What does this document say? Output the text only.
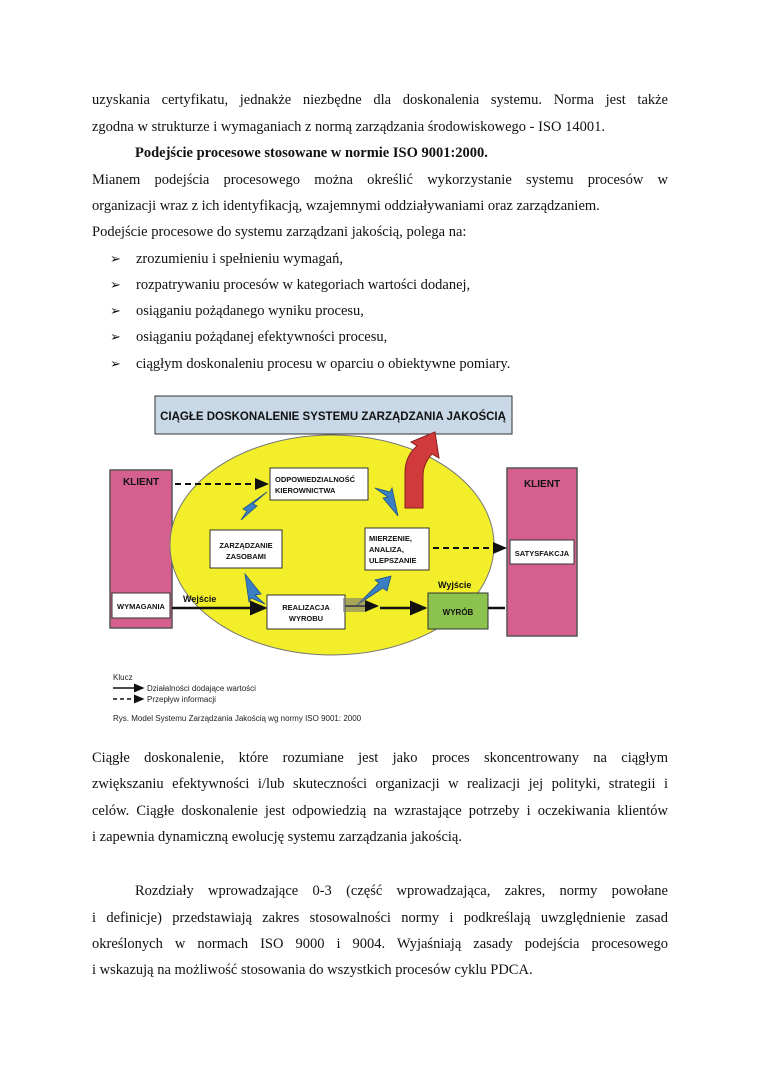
uzyskania certyfikatu, jednakże niezbędne dla doskonalenia systemu. Norma jest także
zgodna w strukturze i wymaganiach z normą zarządzania środowiskowego - ISO 14001.
Podejście procesowe stosowane w normie ISO 9001:2000.
Mianem podejścia procesowego można określić wykorzystanie systemu procesów w
organizacji wraz z ich identyfikacją, wzajemnymi oddziaływaniami oraz zarządzaniem.
Podejście procesowe do systemu zarządzani jakością, polega na:
➢ zrozumieniu i spełnieniu wymagań,
➢ rozpatrywaniu procesów w kategoriach wartości dodanej,
➢ osiąganiu pożądanego wyniku procesu,
➢ osiąganiu pożądanej efektywności procesu,
➢ ciągłym doskonaleniu procesu w oparciu o obiektywne pomiary.
CIĄGŁE DOSKONALENIE SYSTEMU ZARZĄDZANIA JAKOŚCIĄ
KLIENT
WYMAGANIA
KLIENT
SATYSFAKCJA
ODPOWIEDZIALNOŚĆ
KIEROWNICTWA
ZARZĄDZANIE
ZASOBAMI
MIERZENIE,
ANALIZA,
ULEPSZANIE
REALIZACJA
WYROBU
WYRÓB
Wejście
Wyjście
Klucz
Działalności dodające wartości
Przepływ informacji
Rys. Model Systemu Zarządzania Jakością wg normy ISO 9001: 2000
Ciągłe doskonalenie, które rozumiane jest jako proces skoncentrowany na ciągłym
zwiększaniu efektywności i/lub skuteczności organizacji w realizacji jej polityki, strategii i
celów. Ciągłe doskonalenie jest odpowiedzią na wzrastające potrzeby i oczekiwania klientów
i zapewnia dynamiczną ewolucję systemu zarządzania jakością.
Rozdziały wprowadzające 0-3 (część wprowadzająca, zakres, normy powołane
i definicje) przedstawiają zakres stosowalności normy i podkreślają uwzględnienie zasad
określonych w normach ISO 9000 i 9004. Wyjaśniają zasady podejścia procesowego
i wskazują na możliwość stosowania do wszystkich procesów cyklu PDCA.
